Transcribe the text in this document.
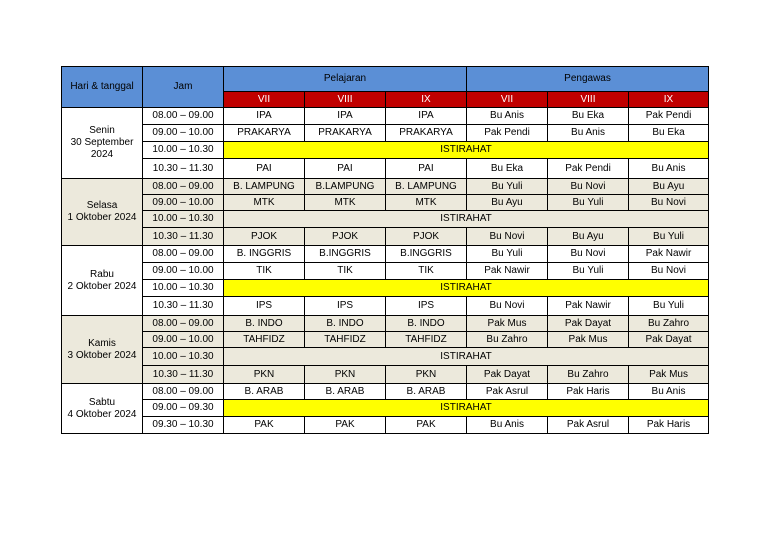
Hari & tanggal	Jam	Pelajaran			Pengawas		
		VII	VIII	IX	VII	VIII	IX

Senin
30 September
2024	08.00 – 09.00	IPA	IPA	IPA	Bu Anis	Bu Eka	Pak Pendi
	09.00 – 10.00	PRAKARYA	PRAKARYA	PRAKARYA	Pak Pendi	Bu Anis	Bu Eka
	10.00 – 10.30	ISTIRAHAT					
	10.30 – 11.30	PAI	PAI	PAI	Bu Eka	Pak Pendi	Bu Anis

Selasa
1 Oktober 2024	08.00 – 09.00	B. LAMPUNG	B.LAMPUNG	B. LAMPUNG	Bu Yuli	Bu Novi	Bu Ayu
	09.00 – 10.00	MTK	MTK	MTK	Bu Ayu	Bu Yuli	Bu Novi
	10.00 – 10.30	ISTIRAHAT					
	10.30 – 11.30	PJOK	PJOK	PJOK	Bu Novi	Bu Ayu	Bu Yuli

Rabu
2 Oktober 2024	08.00 – 09.00	B. INGGRIS	B.INGGRIS	B.INGGRIS	Bu Yuli	Bu Novi	Pak Nawir
	09.00 – 10.00	TIK	TIK	TIK	Pak Nawir	Bu Yuli	Bu Novi
	10.00 – 10.30	ISTIRAHAT					
	10.30 – 11.30	IPS	IPS	IPS	Bu Novi	Pak Nawir	Bu Yuli

Kamis
3 Oktober 2024	08.00 – 09.00	B. INDO	B. INDO	B. INDO	Pak Mus	Pak Dayat	Bu Zahro
	09.00 – 10.00	TAHFIDZ	TAHFIDZ	TAHFIDZ	Bu Zahro	Pak Mus	Pak Dayat
	10.00 – 10.30	ISTIRAHAT					
	10.30 – 11.30	PKN	PKN	PKN	Pak Dayat	Bu Zahro	Pak Mus

Sabtu
4 Oktober 2024	08.00 – 09.00	B. ARAB	B. ARAB	B. ARAB	Pak Asrul	Pak Haris	Bu Anis
	09.00 – 09.30	ISTIRAHAT					
	09.30 – 10.30	PAK	PAK	PAK	Bu Anis	Pak Asrul	Pak Haris
